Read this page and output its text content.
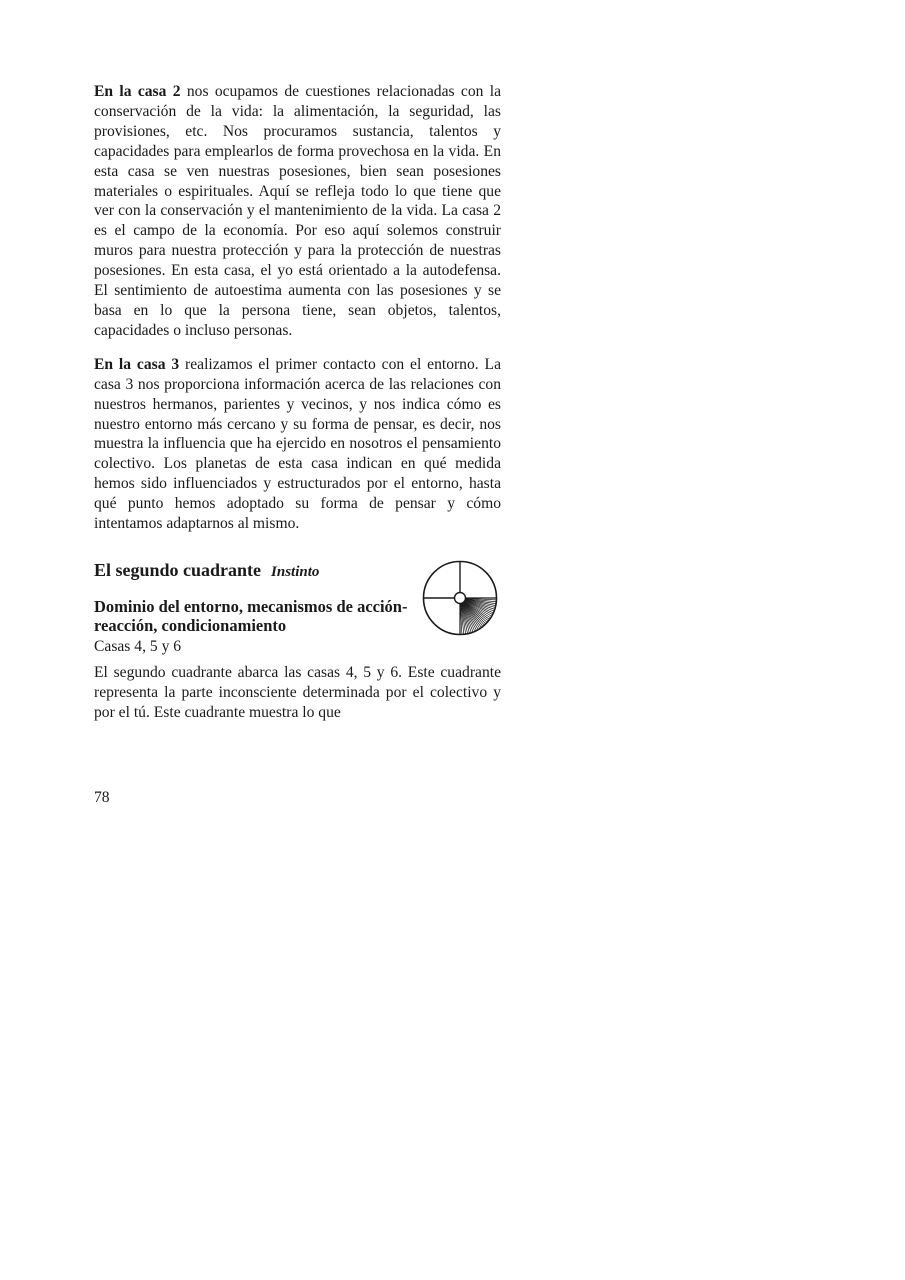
En la casa 2 nos ocupamos de cuestiones relacionadas con la conservación de la vida: la alimentación, la seguridad, las provisiones, etc. Nos procuramos sustancia, talentos y capacidades para emplearlos de forma provechosa en la vida. En esta casa se ven nuestras posesiones, bien sean posesiones materiales o espirituales. Aquí se refleja todo lo que tiene que ver con la conservación y el mantenimiento de la vida. La casa 2 es el campo de la economía. Por eso aquí solemos construir muros para nuestra protección y para la protección de nuestras posesiones. En esta casa, el yo está orientado a la autodefensa. El sentimiento de autoestima aumenta con las posesiones y se basa en lo que la persona tiene, sean objetos, talentos, capacidades o incluso personas.

En la casa 3 realizamos el primer contacto con el entorno. La casa 3 nos proporciona información acerca de las relaciones con nuestros hermanos, parientes y vecinos, y nos indica cómo es nuestro entorno más cercano y su forma de pensar, es decir, nos muestra la influencia que ha ejercido en nosotros el pensamiento colectivo. Los planetas de esta casa indican en qué medida hemos sido influenciados y estructurados por el entorno, hasta qué punto hemos adoptado su forma de pensar y cómo intentamos adaptarnos al mismo.

El segundo cuadrante Instinto
Dominio del entorno, mecanismos de acción-reacción, condicionamiento
Casas 4, 5 y 6

El segundo cuadrante abarca las casas 4, 5 y 6. Este cuadrante representa la parte inconsciente determinada por el colectivo y por el tú. Este cuadrante muestra lo que

78
